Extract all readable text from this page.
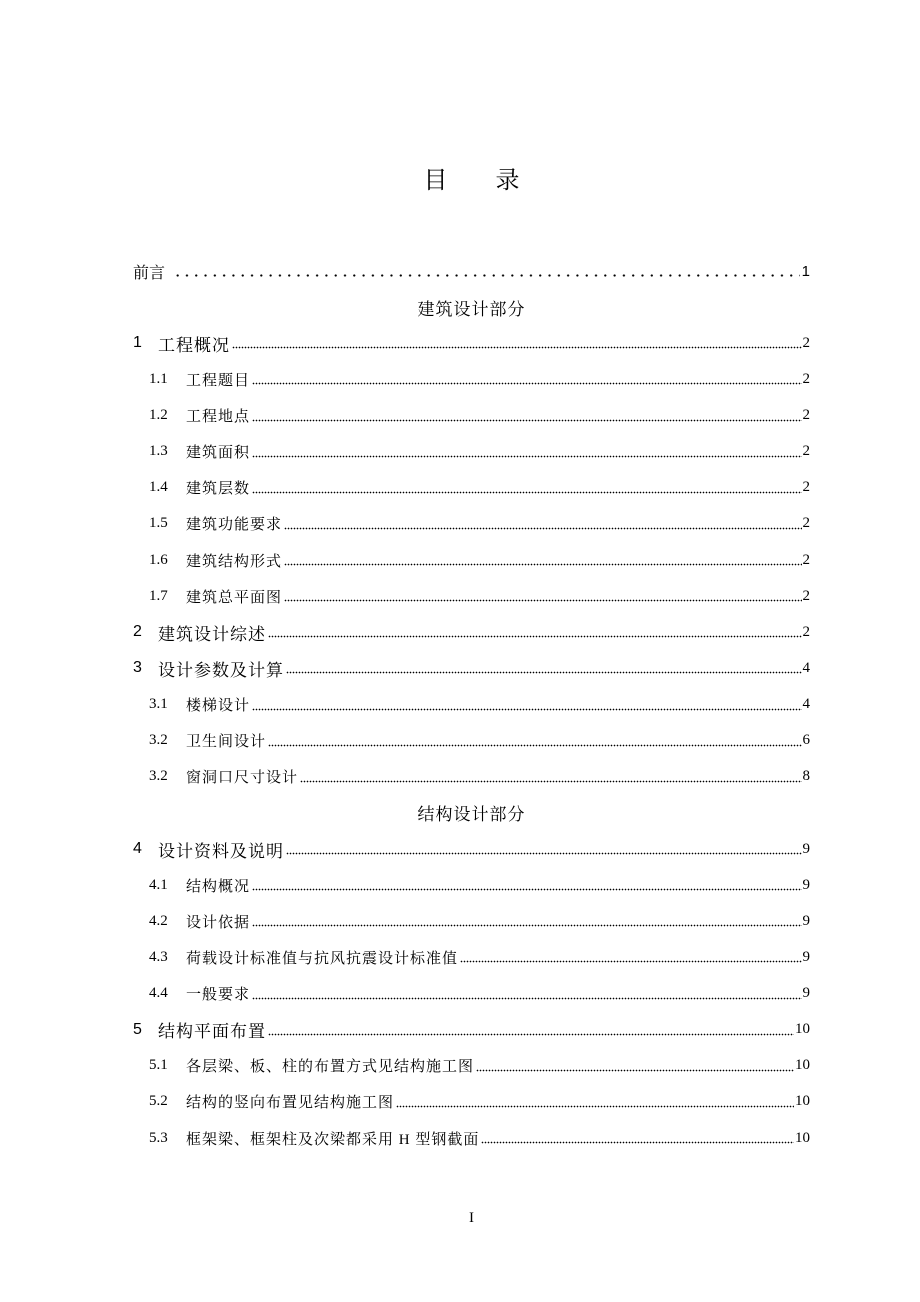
目　　录
前言	1
建筑设计部分
1 工程概况	2
1.1	工程题目	2
1.2	工程地点	2
1.3	建筑面积	2
1.4	建筑层数	2
1.5	建筑功能要求	2
1.6	建筑结构形式	2
1.7	建筑总平面图	2
2 建筑设计综述	2
3 设计参数及计算	4
3.1	楼梯设计	4
3.2	卫生间设计	6
3.2	窗洞口尺寸设计	8
结构设计部分
4 设计资料及说明	9
4.1	结构概况	9
4.2	设计依据	9
4.3	荷载设计标准值与抗风抗震设计标准值	9
4.4	一般要求	9
5 结构平面布置	10
5.1	各层梁、板、柱的布置方式见结构施工图	10
5.2	结构的竖向布置见结构施工图	10
5.3	框架梁、框架柱及次梁都采用 H 型钢截面	10
I
